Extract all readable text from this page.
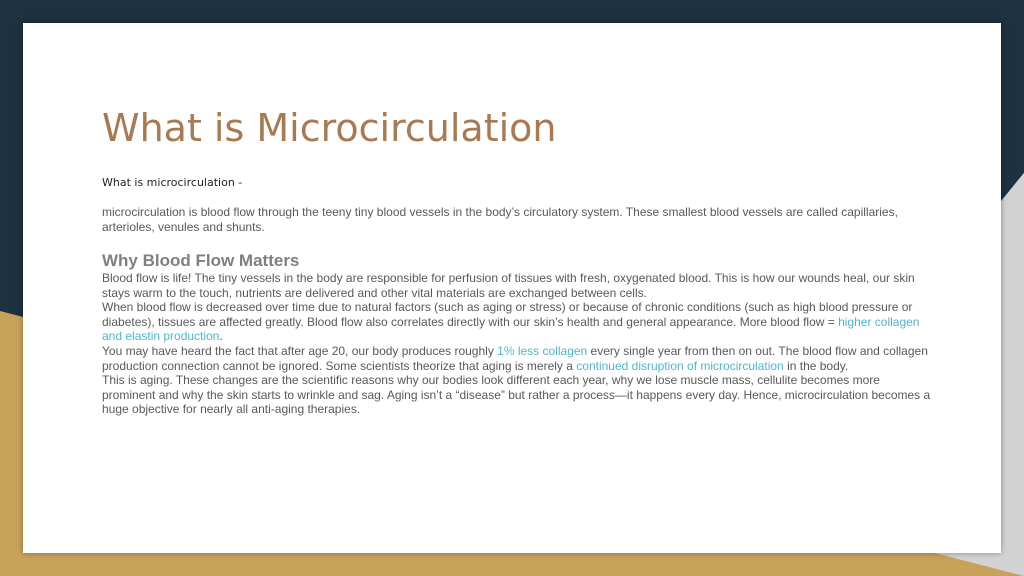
What is Microcirculation
What is microcirculation -
microcirculation is blood flow through the teeny tiny blood vessels in the body’s circulatory system. These smallest blood vessels are called capillaries, arterioles, venules and shunts.
Why Blood Flow Matters

Blood flow is life! The tiny vessels in the body are responsible for perfusion of tissues with fresh, oxygenated blood. This is how our wounds heal, our skin stays warm to the touch, nutrients are delivered and other vital materials are exchanged between cells.

When blood flow is decreased over time due to natural factors (such as aging or stress) or because of chronic conditions (such as high blood pressure or diabetes), tissues are affected greatly. Blood flow also correlates directly with our skin’s health and general appearance. More blood flow = higher collagen and elastin production.

You may have heard the fact that after age 20, our body produces roughly 1% less collagen every single year from then on out. The blood flow and collagen production connection cannot be ignored. Some scientists theorize that aging is merely a continued disruption of microcirculation in the body.

This is aging. These changes are the scientific reasons why our bodies look different each year, why we lose muscle mass, cellulite becomes more prominent and why the skin starts to wrinkle and sag. Aging isn’t a “disease” but rather a process—it happens every day. Hence, microcirculation becomes a huge objective for nearly all anti-aging therapies.
